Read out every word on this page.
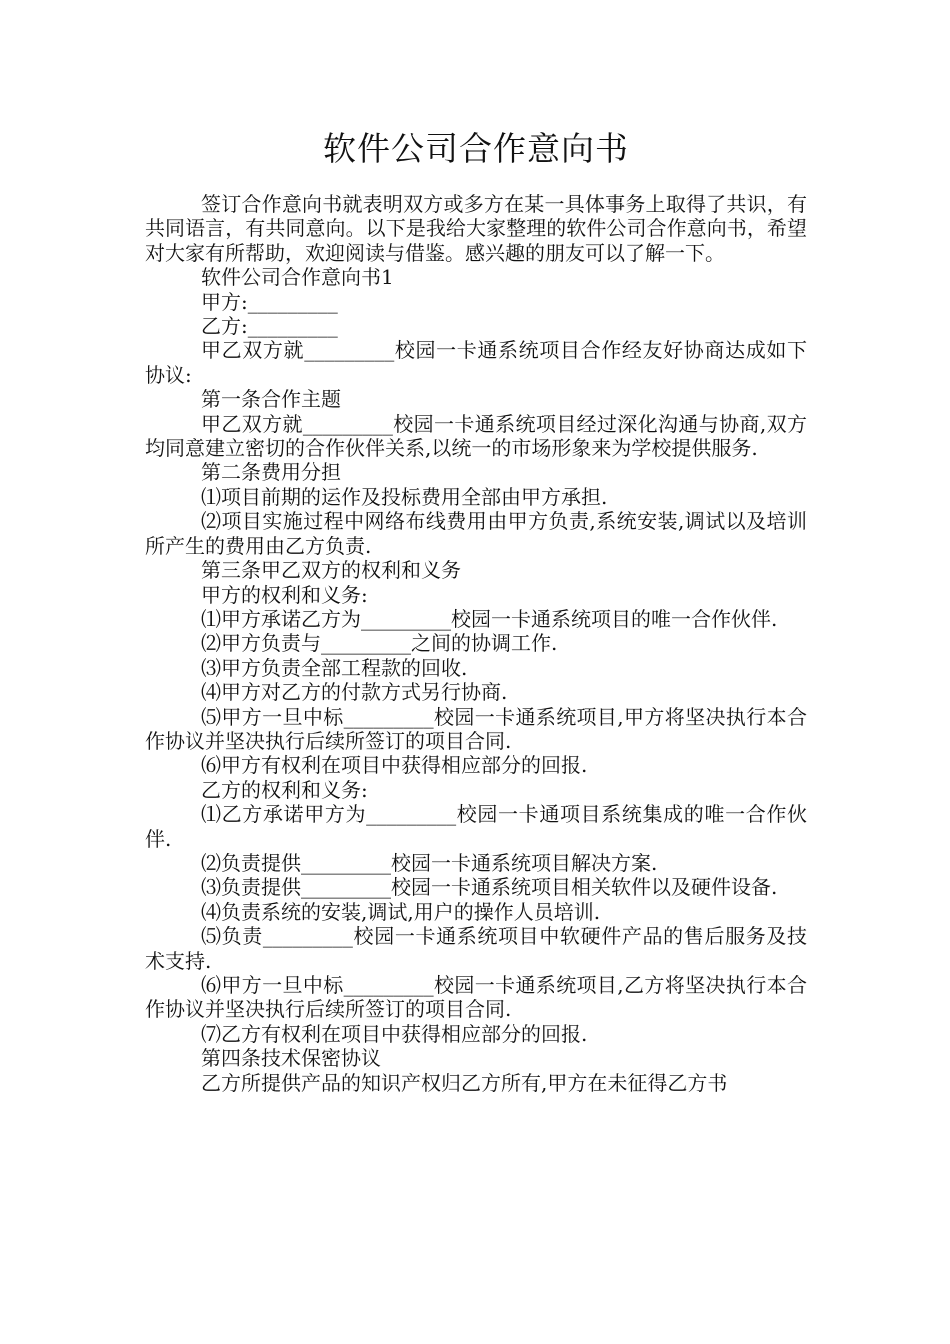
软件公司合作意向书

签订合作意向书就表明双方或多方在某一具体事务上取得了共识，有共同语言，有共同意向。以下是我给大家整理的软件公司合作意向书，希望对大家有所帮助，欢迎阅读与借鉴。感兴趣的朋友可以了解一下。

软件公司合作意向书1

甲方:_________

乙方:_________

甲乙双方就_________校园一卡通系统项目合作经友好协商达成如下协议:

第一条合作主题

甲乙双方就_________校园一卡通系统项目经过深化沟通与协商,双方均同意建立密切的合作伙伴关系,以统一的市场形象来为学校提供服务.

第二条费用分担

⑴项目前期的运作及投标费用全部由甲方承担.

⑵项目实施过程中网络布线费用由甲方负责,系统安装,调试以及培训所产生的费用由乙方负责.

第三条甲乙双方的权利和义务

甲方的权利和义务:

⑴甲方承诺乙方为_________校园一卡通系统项目的唯一合作伙伴.

⑵甲方负责与_________之间的协调工作.

⑶甲方负责全部工程款的回收.

⑷甲方对乙方的付款方式另行协商.

⑸甲方一旦中标_________校园一卡通系统项目,甲方将坚决执行本合作协议并坚决执行后续所签订的项目合同.

⑹甲方有权利在项目中获得相应部分的回报.

乙方的权利和义务:

⑴乙方承诺甲方为_________校园一卡通项目系统集成的唯一合作伙伴.

⑵负责提供_________校园一卡通系统项目解决方案.

⑶负责提供_________校园一卡通系统项目相关软件以及硬件设备.

⑷负责系统的安装,调试,用户的操作人员培训.

⑸负责_________校园一卡通系统项目中软硬件产品的售后服务及技术支持.

⑹甲方一旦中标_________校园一卡通系统项目,乙方将坚决执行本合作协议并坚决执行后续所签订的项目合同.

⑺乙方有权利在项目中获得相应部分的回报.

第四条技术保密协议

乙方所提供产品的知识产权归乙方所有,甲方在未征得乙方书
